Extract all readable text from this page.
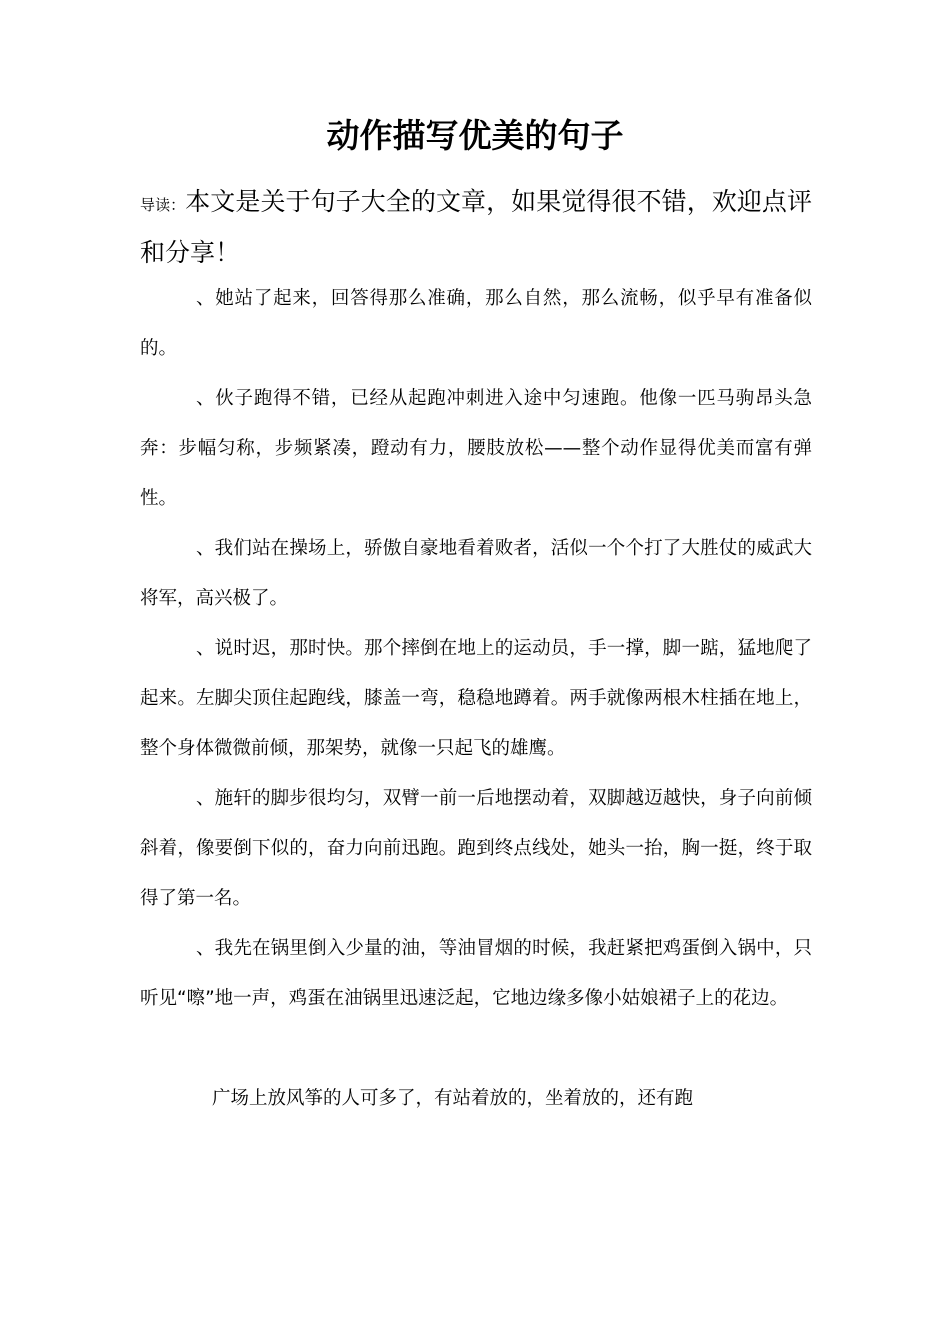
动作描写优美的句子

导读：本文是关于句子大全的文章，如果觉得很不错，欢迎点评和分享！

、她站了起来，回答得那么准确，那么自然，那么流畅，似乎早有准备似的。

、伙子跑得不错，已经从起跑冲刺进入途中匀速跑。他像一匹马驹昂头急奔：步幅匀称，步频紧凑，蹬动有力，腰肢放松——整个动作显得优美而富有弹性。

、我们站在操场上，骄傲自豪地看着败者，活似一个个打了大胜仗的威武大将军，高兴极了。

、说时迟，那时快。那个摔倒在地上的运动员，手一撑，脚一踮，猛地爬了起来。左脚尖顶住起跑线，膝盖一弯，稳稳地蹲着。两手就像两根木柱插在地上，整个身体微微前倾，那架势，就像一只起飞的雄鹰。

、施轩的脚步很均匀，双臂一前一后地摆动着，双脚越迈越快，身子向前倾斜着，像要倒下似的，奋力向前迅跑。跑到终点线处，她头一抬，胸一挺，终于取得了第一名。

、我先在锅里倒入少量的油，等油冒烟的时候，我赶紧把鸡蛋倒入锅中，只听见“嚓”地一声，鸡蛋在油锅里迅速泛起，它地边缘多像小姑娘裙子上的花边。

广场上放风筝的人可多了，有站着放的，坐着放的，还有跑
